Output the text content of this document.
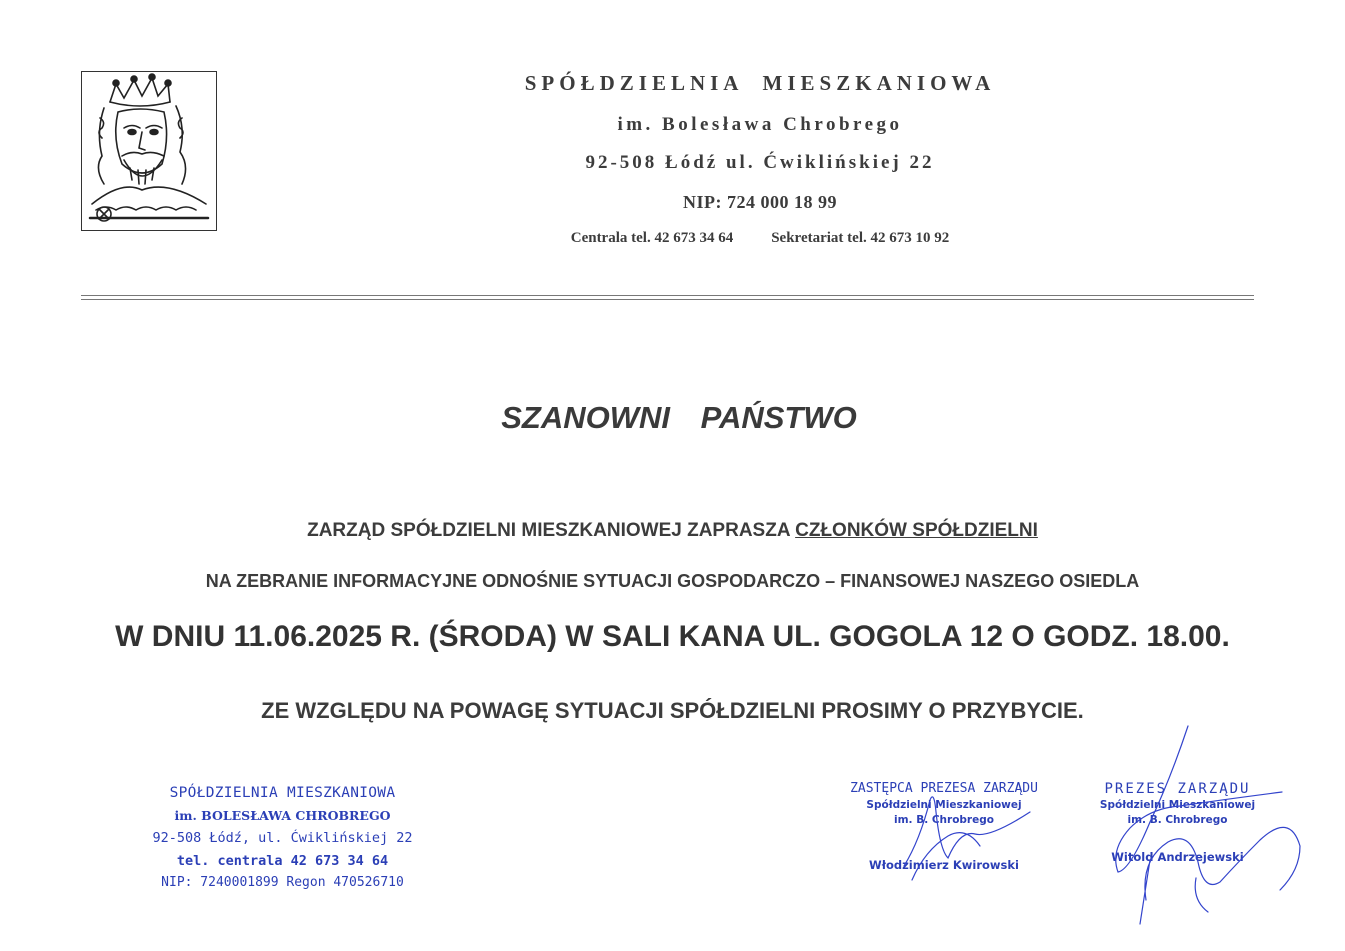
SPÓŁDZIELNIA MIESZKANIOWA
im. Bolesława Chrobrego
92-508 Łódź ul. Ćwiklińskiej 22
NIP: 724 000 18 99
Centrala tel. 42 673 34 64	Sekretariat tel. 42 673 10 92
SZANOWNI PAŃSTWO
ZARZĄD SPÓŁDZIELNI MIESZKANIOWEJ ZAPRASZA CZŁONKÓW SPÓŁDZIELNI
NA ZEBRANIE INFORMACYJNE ODNOŚNIE SYTUACJI GOSPODARCZO – FINANSOWEJ NASZEGO OSIEDLA
W DNIU 11.06.2025 R. (ŚRODA) W SALI KANA UL. GOGOLA 12 O GODZ. 18.00.
ZE WZGLĘDU NA POWAGĘ SYTUACJI SPÓŁDZIELNI PROSIMY O PRZYBYCIE.
SPÓŁDZIELNIA MIESZKANIOWA
im. BOLESŁAWA CHROBREGO
92-508 Łódź, ul. Ćwiklińskiej 22
tel. centrala 42 673 34 64
NIP: 7240001899 Regon 470526710
ZASTĘPCA PREZESA ZARZĄDU
Spółdzielni Mieszkaniowej
im. B. Chrobrego
Włodzimierz Kwirowski
PREZES ZARZĄDU
Spółdzielni Mieszkaniowej
im. B. Chrobrego
Witold Andrzejewski
